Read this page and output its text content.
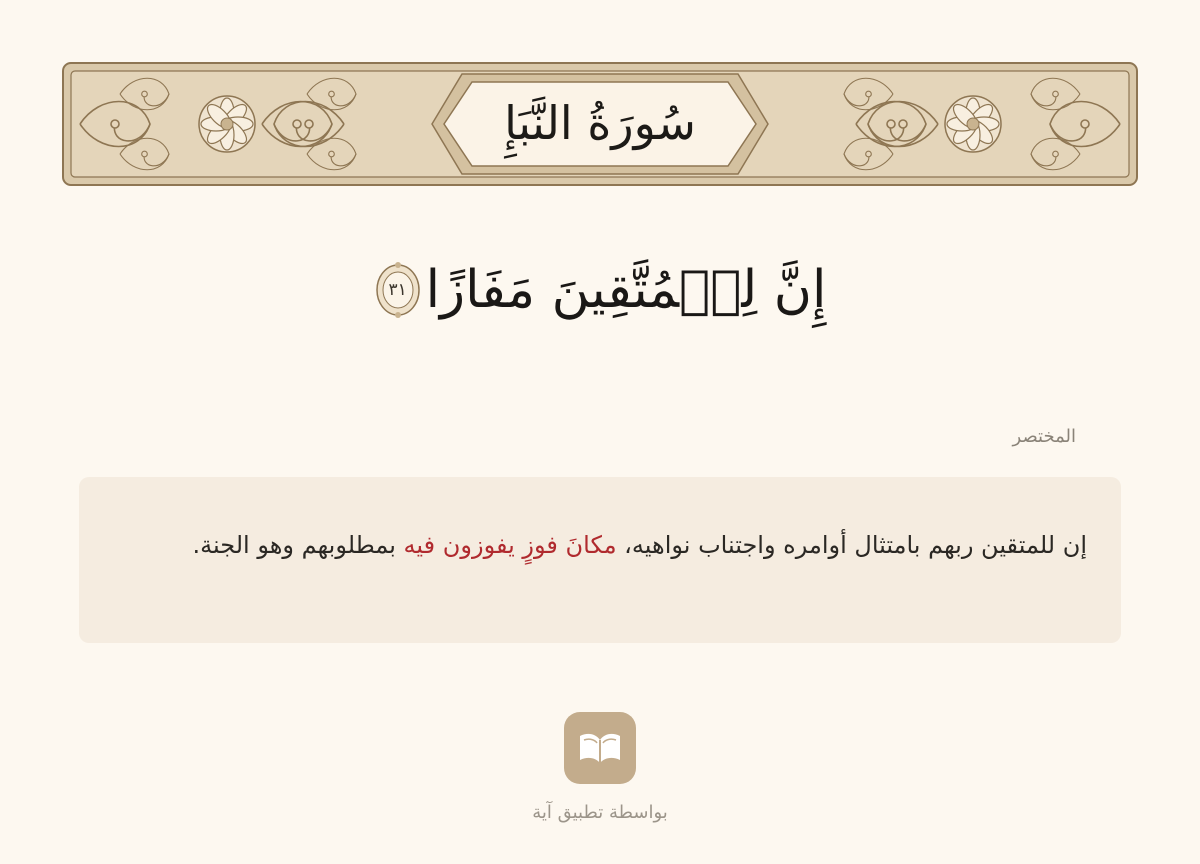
سُورَةُ النَّبَإِ
إِنَّ لِلۡمُتَّقِينَ مَفَازًا
٣١
المختصر
إن للمتقين ربهم بامتثال أوامره واجتناب نواهيه، مكانَ فوزٍ يفوزون فيه بمطلوبهم وهو الجنة.
بواسطة تطبيق آية
